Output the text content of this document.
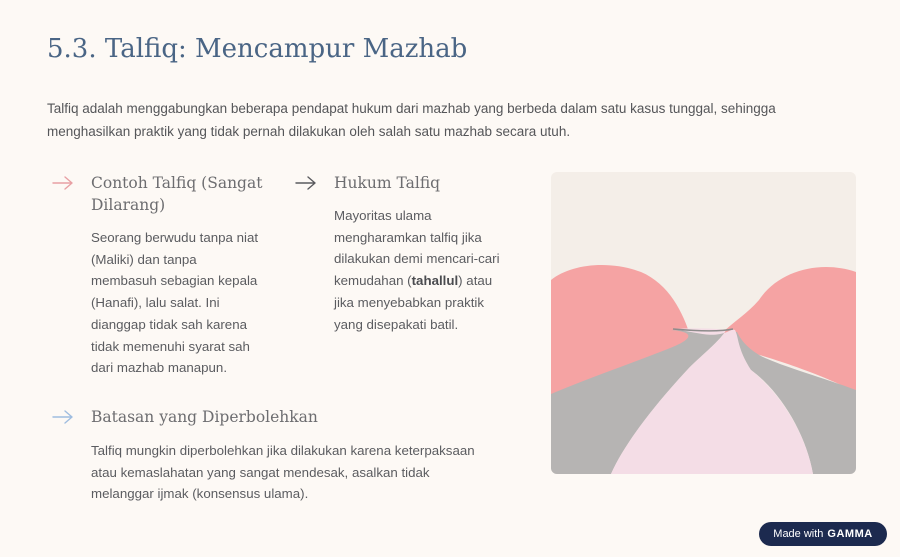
5.3. Talfiq: Mencampur Mazhab
Talfiq adalah menggabungkan beberapa pendapat hukum dari mazhab yang berbeda dalam satu kasus tunggal, sehingga
menghasilkan praktik yang tidak pernah dilakukan oleh salah satu mazhab secara utuh.
Contoh Talfiq (Sangat
Dilarang)
Seorang berwudu tanpa niat
(Maliki) dan tanpa
membasuh sebagian kepala
(Hanafi), lalu salat. Ini
dianggap tidak sah karena
tidak memenuhi syarat sah
dari mazhab manapun.
Hukum Talfiq
Mayoritas ulama
mengharamkan talfiq jika
dilakukan demi mencari-cari
kemudahan (tahallul) atau
jika menyebabkan praktik
yang disepakati batil.
Batasan yang Diperbolehkan
Talfiq mungkin diperbolehkan jika dilakukan karena keterpaksaan
atau kemaslahatan yang sangat mendesak, asalkan tidak
melanggar ijmak (konsensus ulama).
Made with GAMMA
